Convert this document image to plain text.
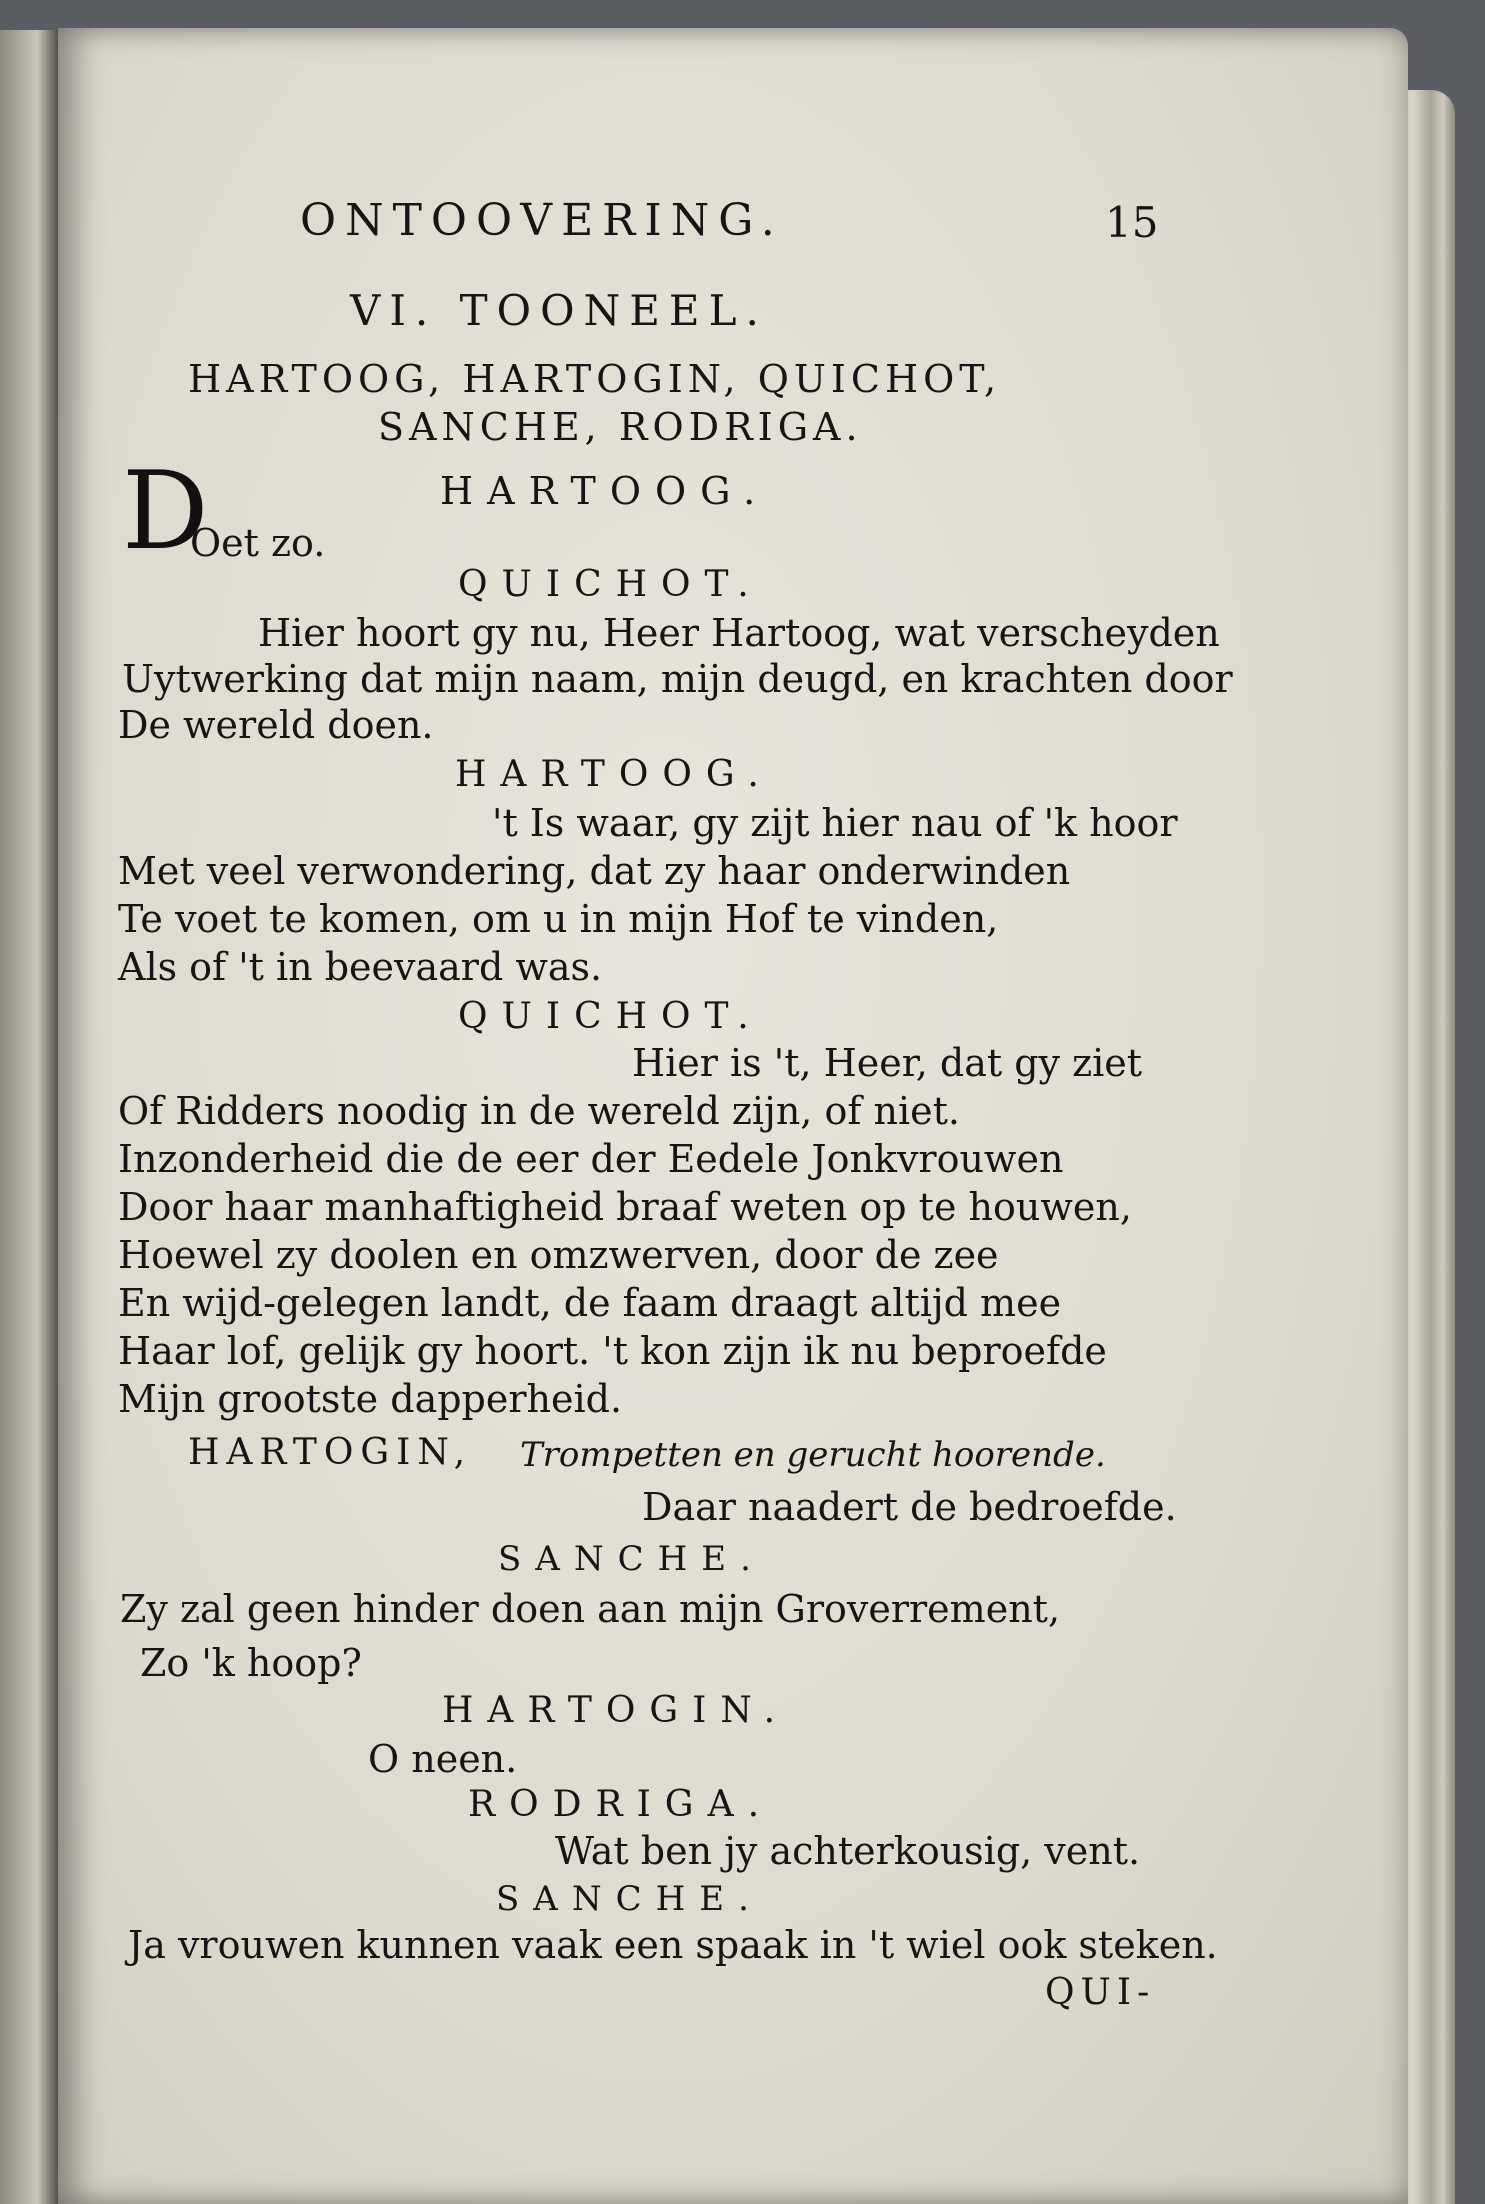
ONTOOVERING.	15
VI. TOONEEL.
HARTOOG, HARTOGIN, QUICHOT,
SANCHE, RODRIGA.
HARTOOG.
D
Oet zo.
QUICHOT.
Hier hoort gy nu, Heer Hartoog, wat verscheyden
Uytwerking dat mijn naam, mijn deugd, en krachten door
De wereld doen.
HARTOOG.
't Is waar, gy zijt hier nau of 'k hoor
Met veel verwondering, dat zy haar onderwinden
Te voet te komen, om u in mijn Hof te vinden,
Als of 't in beevaard was.
QUICHOT.
Hier is 't, Heer, dat gy ziet
Of Ridders noodig in de wereld zijn, of niet.
Inzonderheid die de eer der Eedele Jonkvrouwen
Door haar manhaftigheid braaf weten op te houwen,
Hoewel zy doolen en omzwerven, door de zee
En wijd-gelegen landt, de faam draagt altijd mee
Haar lof, gelijk gy hoort. 't kon zijn ik nu beproefde
Mijn grootste dapperheid.
HARTOGIN, Trompetten en gerucht hoorende.
Daar naadert de bedroefde.
SANCHE.
Zy zal geen hinder doen aan mijn Groverrement,
Zo 'k hoop?
HARTOGIN.
O neen.
RODRIGA.
Wat ben jy achterkousig, vent.
SANCHE.
Ja vrouwen kunnen vaak een spaak in 't wiel ook steken.
QUI-
